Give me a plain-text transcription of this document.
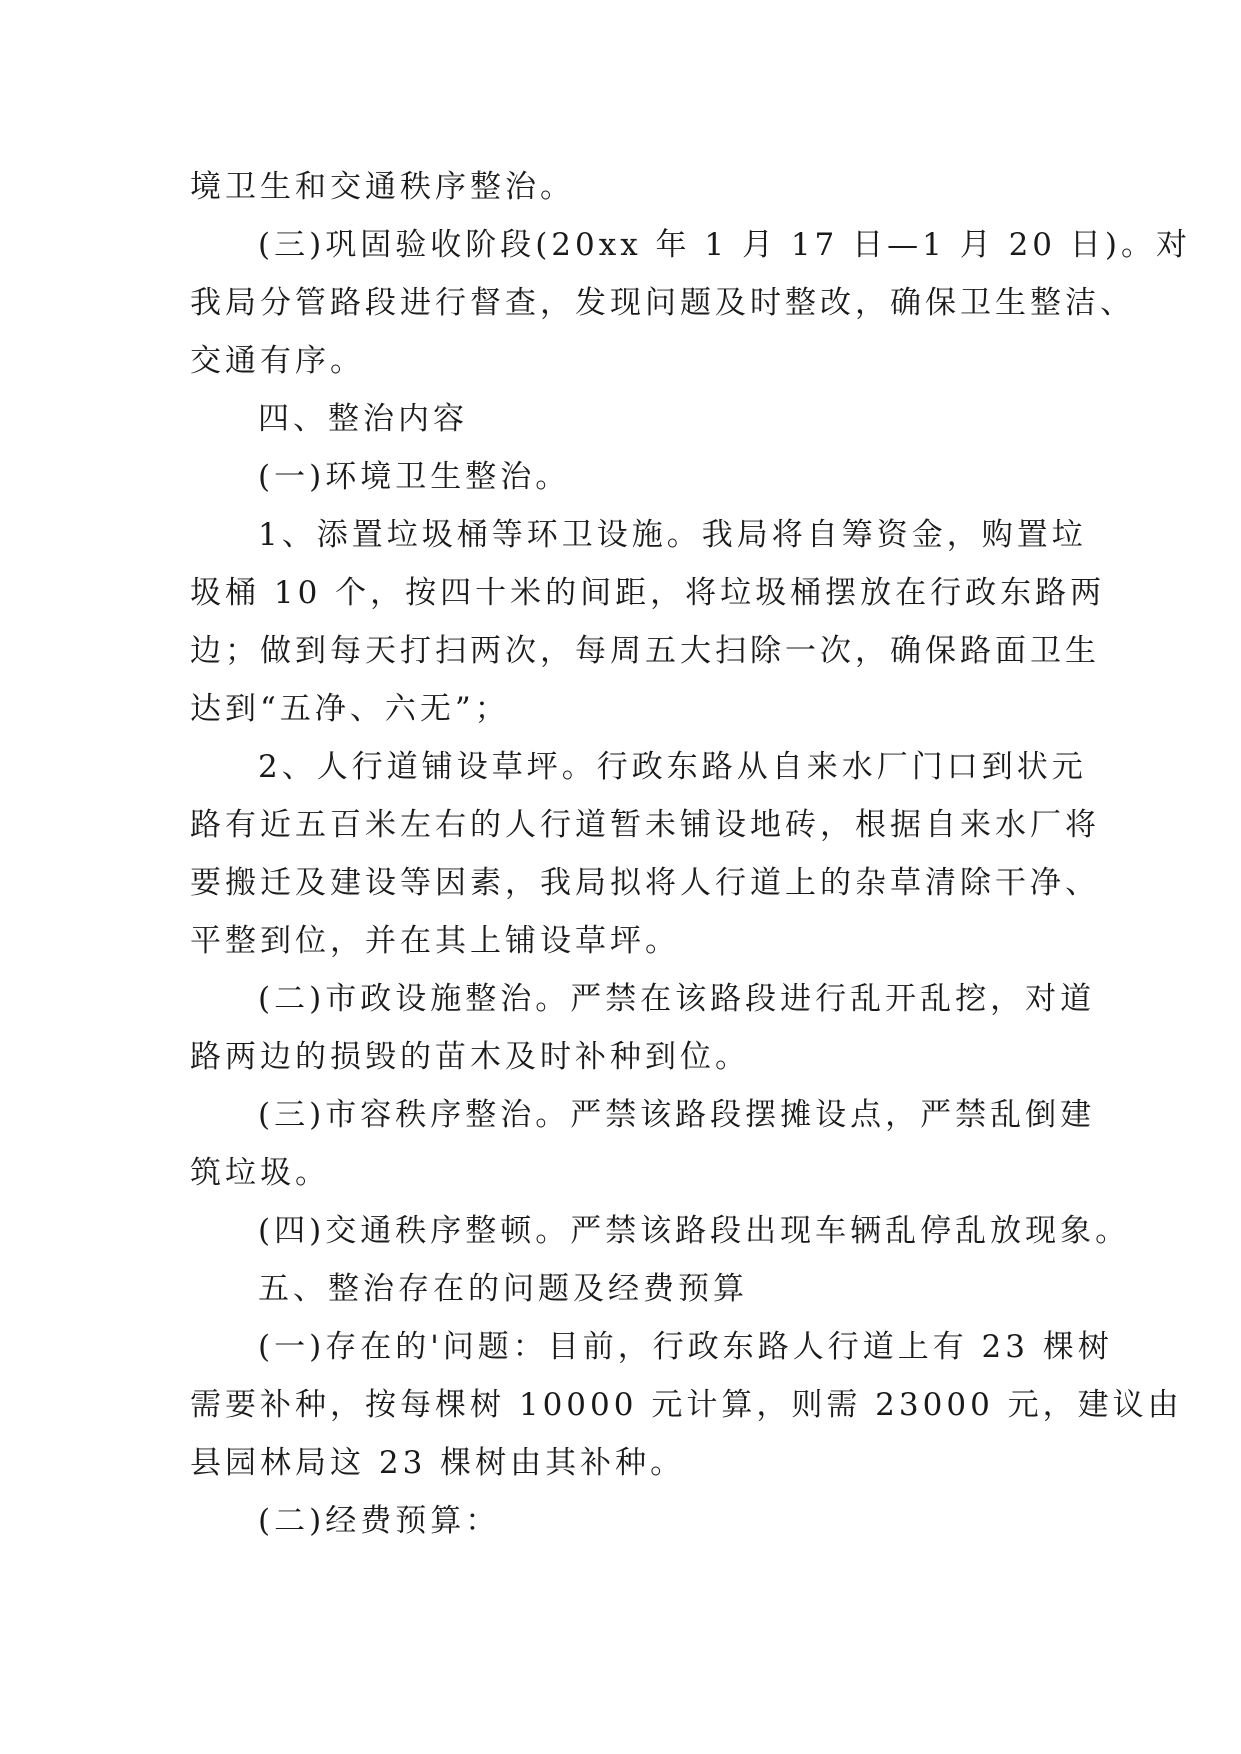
境卫生和交通秩序整治。

(三)巩固验收阶段(20xx 年 1 月 17 日—1 月 20 日)。对

我局分管路段进行督查，发现问题及时整改，确保卫生整洁、

交通有序。

四、整治内容

(一)环境卫生整治。

1、添置垃圾桶等环卫设施。我局将自筹资金，购置垃

圾桶 10 个，按四十米的间距，将垃圾桶摆放在行政东路两

边；做到每天打扫两次，每周五大扫除一次，确保路面卫生

达到“五净、六无”；

2、人行道铺设草坪。行政东路从自来水厂门口到状元

路有近五百米左右的人行道暂未铺设地砖，根据自来水厂将

要搬迁及建设等因素，我局拟将人行道上的杂草清除干净、

平整到位，并在其上铺设草坪。

(二)市政设施整治。严禁在该路段进行乱开乱挖，对道

路两边的损毁的苗木及时补种到位。

(三)市容秩序整治。严禁该路段摆摊设点，严禁乱倒建

筑垃圾。

(四)交通秩序整顿。严禁该路段出现车辆乱停乱放现象。

五、整治存在的问题及经费预算

(一)存在的'问题：目前，行政东路人行道上有 23 棵树

需要补种，按每棵树 10000 元计算，则需 23000 元，建议由

县园林局这 23 棵树由其补种。

(二)经费预算：
